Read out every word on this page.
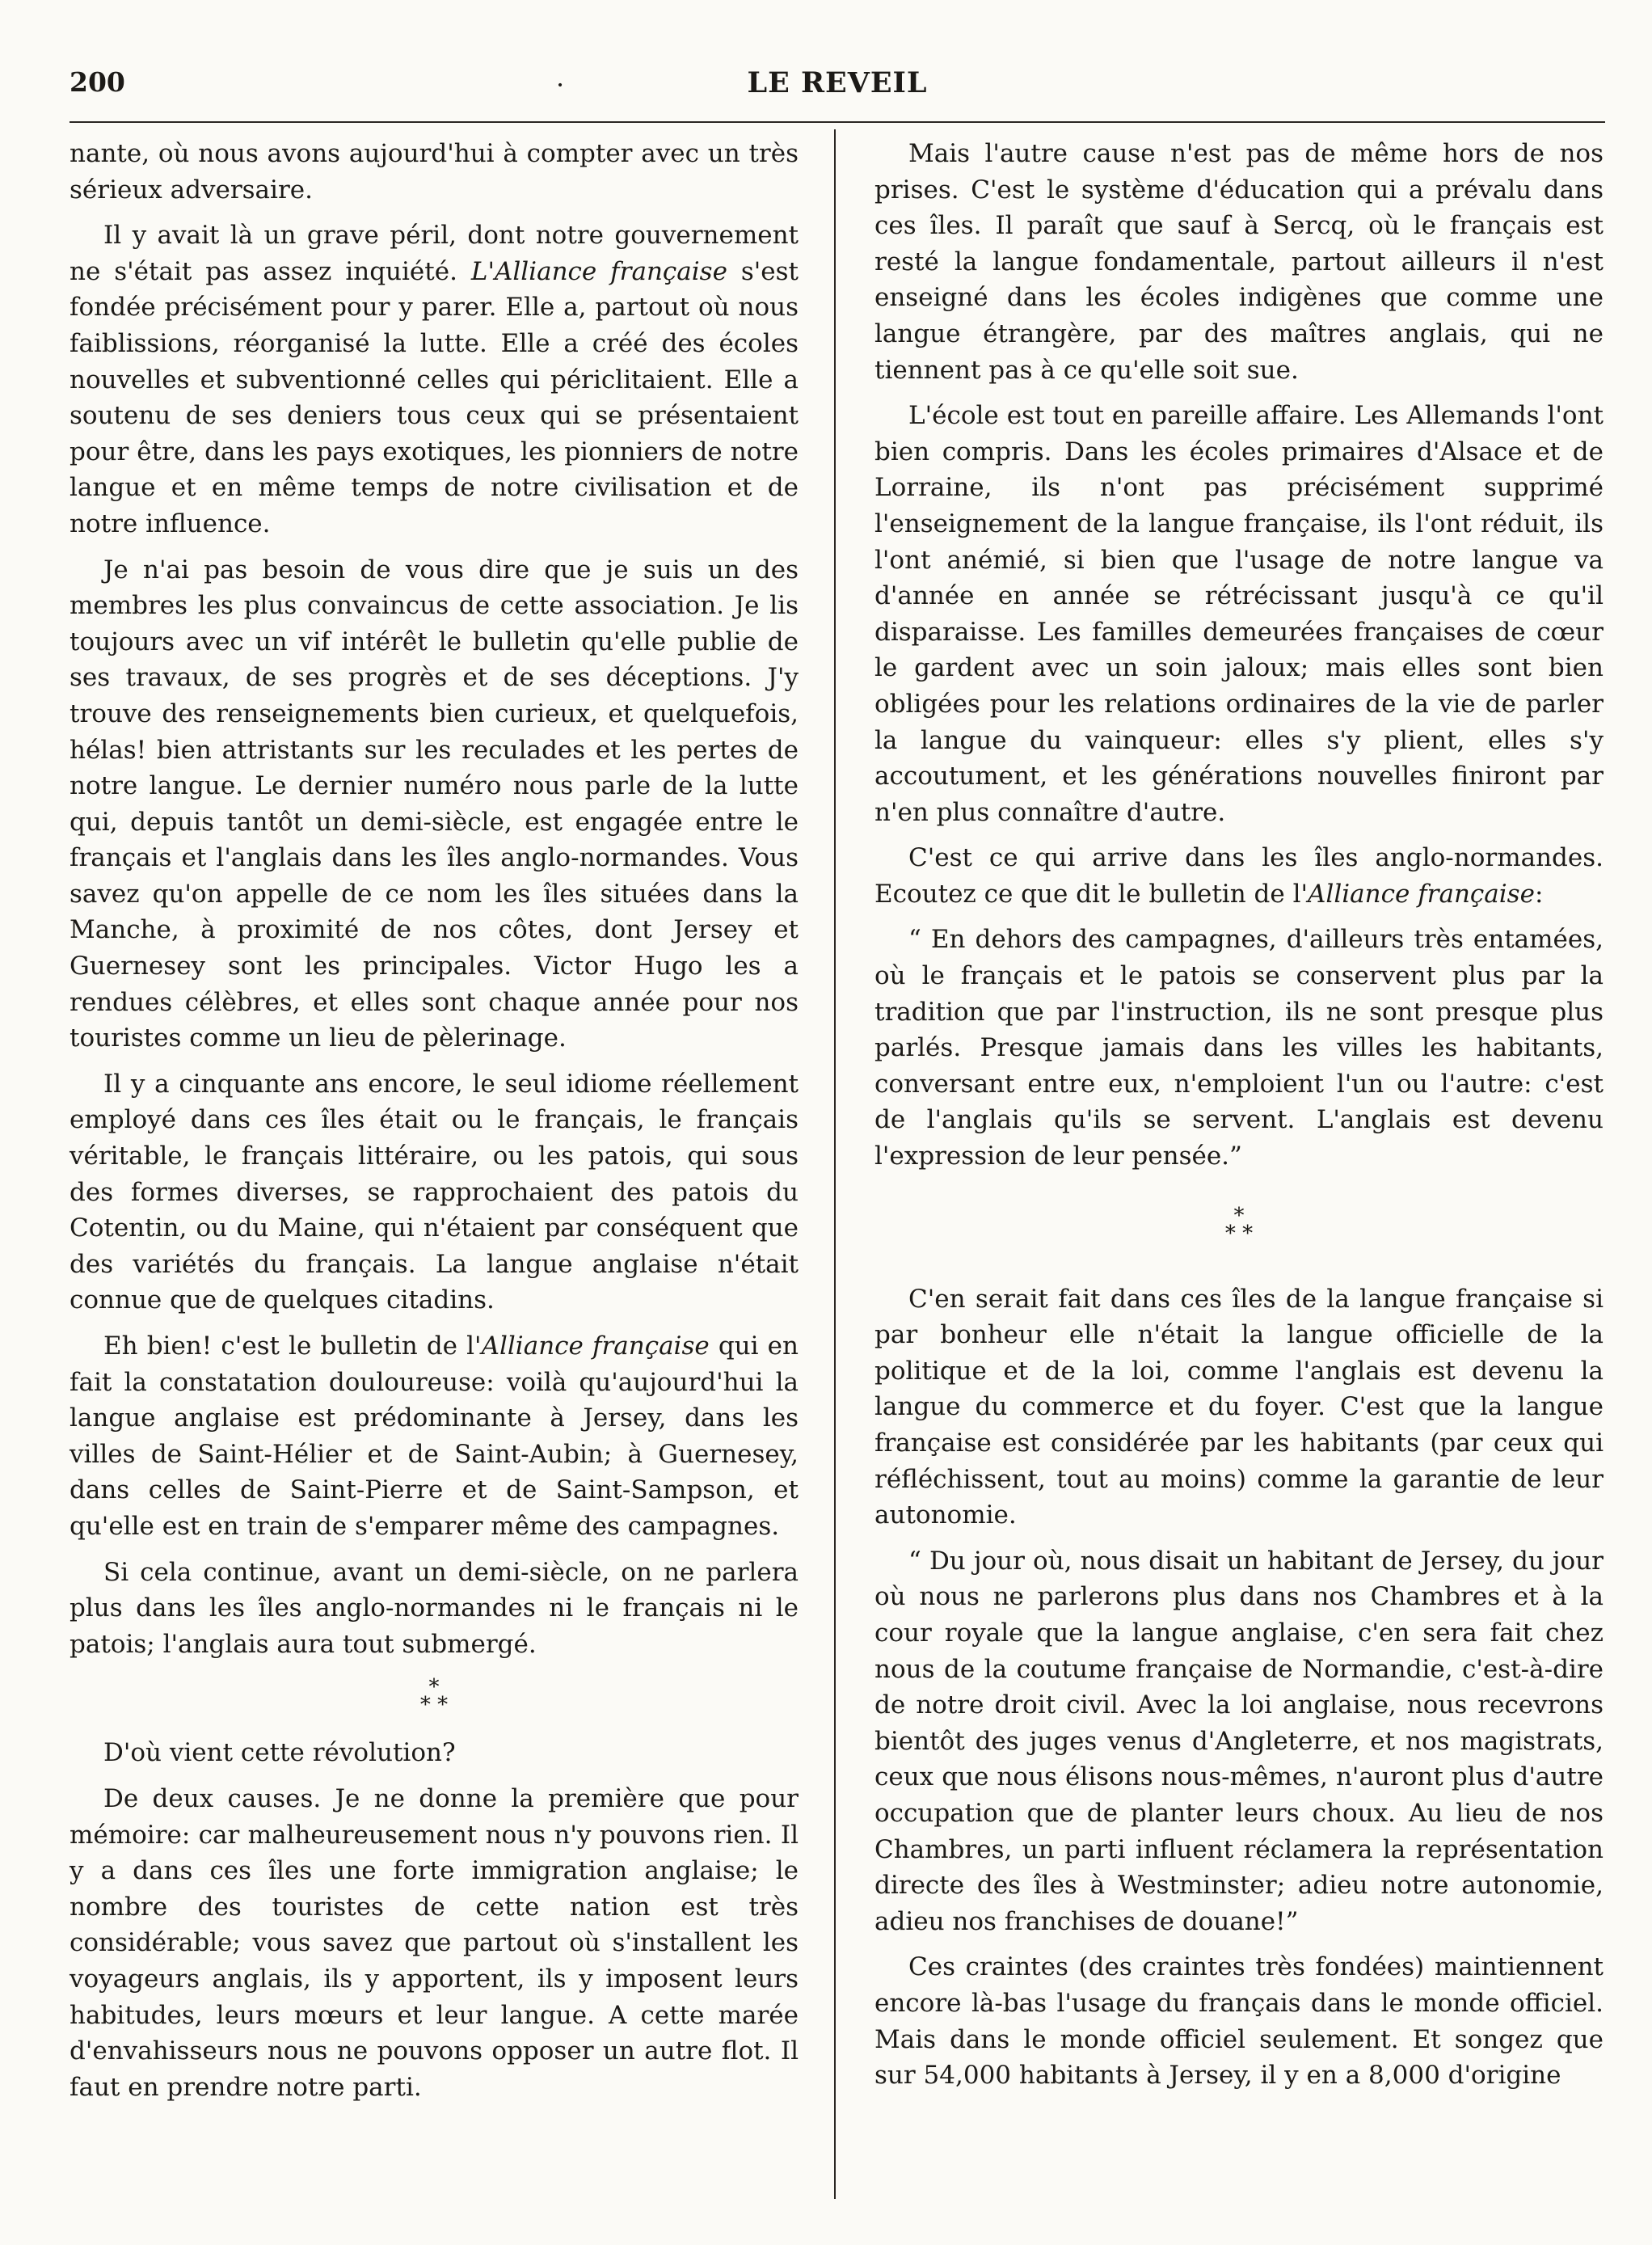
200	·	LE REVEIL

nante, où nous avons aujourd'hui à compter avec un très sérieux adversaire.

Il y avait là un grave péril, dont notre gouvernement ne s'était pas assez inquiété. L'Alliance française s'est fondée précisément pour y parer. Elle a, partout où nous faiblissions, réorganisé la lutte. Elle a créé des écoles nouvelles et subventionné celles qui périclitaient. Elle a soutenu de ses deniers tous ceux qui se présentaient pour être, dans les pays exotiques, les pionniers de notre langue et en même temps de notre civilisation et de notre influence.

Je n'ai pas besoin de vous dire que je suis un des membres les plus convaincus de cette association. Je lis toujours avec un vif intérêt le bulletin qu'elle publie de ses travaux, de ses progrès et de ses déceptions. J'y trouve des renseignements bien curieux, et quelquefois, hélas! bien attristants sur les reculades et les pertes de notre langue. Le dernier numéro nous parle de la lutte qui, depuis tantôt un demi-siècle, est engagée entre le français et l'anglais dans les îles anglo-normandes. Vous savez qu'on appelle de ce nom les îles situées dans la Manche, à proximité de nos côtes, dont Jersey et Guernesey sont les principales. Victor Hugo les a rendues célèbres, et elles sont chaque année pour nos touristes comme un lieu de pèlerinage.

Il y a cinquante ans encore, le seul idiome réellement employé dans ces îles était ou le français, le français véritable, le français littéraire, ou les patois, qui sous des formes diverses, se rapprochaient des patois du Cotentin, ou du Maine, qui n'étaient par conséquent que des variétés du français. La langue anglaise n'était connue que de quelques citadins.

Eh bien! c'est le bulletin de l'Alliance française qui en fait la constatation douloureuse: voilà qu'aujourd'hui la langue anglaise est prédominante à Jersey, dans les villes de Saint-Hélier et de Saint-Aubin; à Guernesey, dans celles de Saint-Pierre et de Saint-Sampson, et qu'elle est en train de s'emparer même des campagnes.

Si cela continue, avant un demi-siècle, on ne parlera plus dans les îles anglo-normandes ni le français ni le patois; l'anglais aura tout submergé.

*
* *

D'où vient cette révolution?

De deux causes. Je ne donne la première que pour mémoire: car malheureusement nous n'y pouvons rien. Il y a dans ces îles une forte immigration anglaise; le nombre des touristes de cette nation est très considérable; vous savez que partout où s'installent les voyageurs anglais, ils y apportent, ils y imposent leurs habitudes, leurs mœurs et leur langue. A cette marée d'envahisseurs nous ne pouvons opposer un autre flot. Il faut en prendre notre parti.

Mais l'autre cause n'est pas de même hors de nos prises. C'est le système d'éducation qui a prévalu dans ces îles. Il paraît que sauf à Sercq, où le français est resté la langue fondamentale, partout ailleurs il n'est enseigné dans les écoles indigènes que comme une langue étrangère, par des maîtres anglais, qui ne tiennent pas à ce qu'elle soit sue.

L'école est tout en pareille affaire. Les Allemands l'ont bien compris. Dans les écoles primaires d'Alsace et de Lorraine, ils n'ont pas précisément supprimé l'enseignement de la langue française, ils l'ont réduit, ils l'ont anémié, si bien que l'usage de notre langue va d'année en année se rétrécissant jusqu'à ce qu'il disparaisse. Les familles demeurées françaises de cœur le gardent avec un soin jaloux; mais elles sont bien obligées pour les relations ordinaires de la vie de parler la langue du vainqueur: elles s'y plient, elles s'y accoutument, et les générations nouvelles finiront par n'en plus connaître d'autre.

C'est ce qui arrive dans les îles anglo-normandes. Ecoutez ce que dit le bulletin de l'Alliance française:

“ En dehors des campagnes, d'ailleurs très entamées, où le français et le patois se conservent plus par la tradition que par l'instruction, ils ne sont presque plus parlés. Presque jamais dans les villes les habitants, conversant entre eux, n'emploient l'un ou l'autre: c'est de l'anglais qu'ils se servent. L'anglais est devenu l'expression de leur pensée.”

*
* *

C'en serait fait dans ces îles de la langue française si par bonheur elle n'était la langue officielle de la politique et de la loi, comme l'anglais est devenu la langue du commerce et du foyer. C'est que la langue française est considérée par les habitants (par ceux qui réfléchissent, tout au moins) comme la garantie de leur autonomie.

“ Du jour où, nous disait un habitant de Jersey, du jour où nous ne parlerons plus dans nos Chambres et à la cour royale que la langue anglaise, c'en sera fait chez nous de la coutume française de Normandie, c'est-à-dire de notre droit civil. Avec la loi anglaise, nous recevrons bientôt des juges venus d'Angleterre, et nos magistrats, ceux que nous élisons nous-mêmes, n'auront plus d'autre occupation que de planter leurs choux. Au lieu de nos Chambres, un parti influent réclamera la représentation directe des îles à Westminster; adieu notre autonomie, adieu nos franchises de douane!”

Ces craintes (des craintes très fondées) maintiennent encore là-bas l'usage du français dans le monde officiel. Mais dans le monde officiel seulement. Et songez que sur 54,000 habitants à Jersey, il y en a 8,000 d'origine
